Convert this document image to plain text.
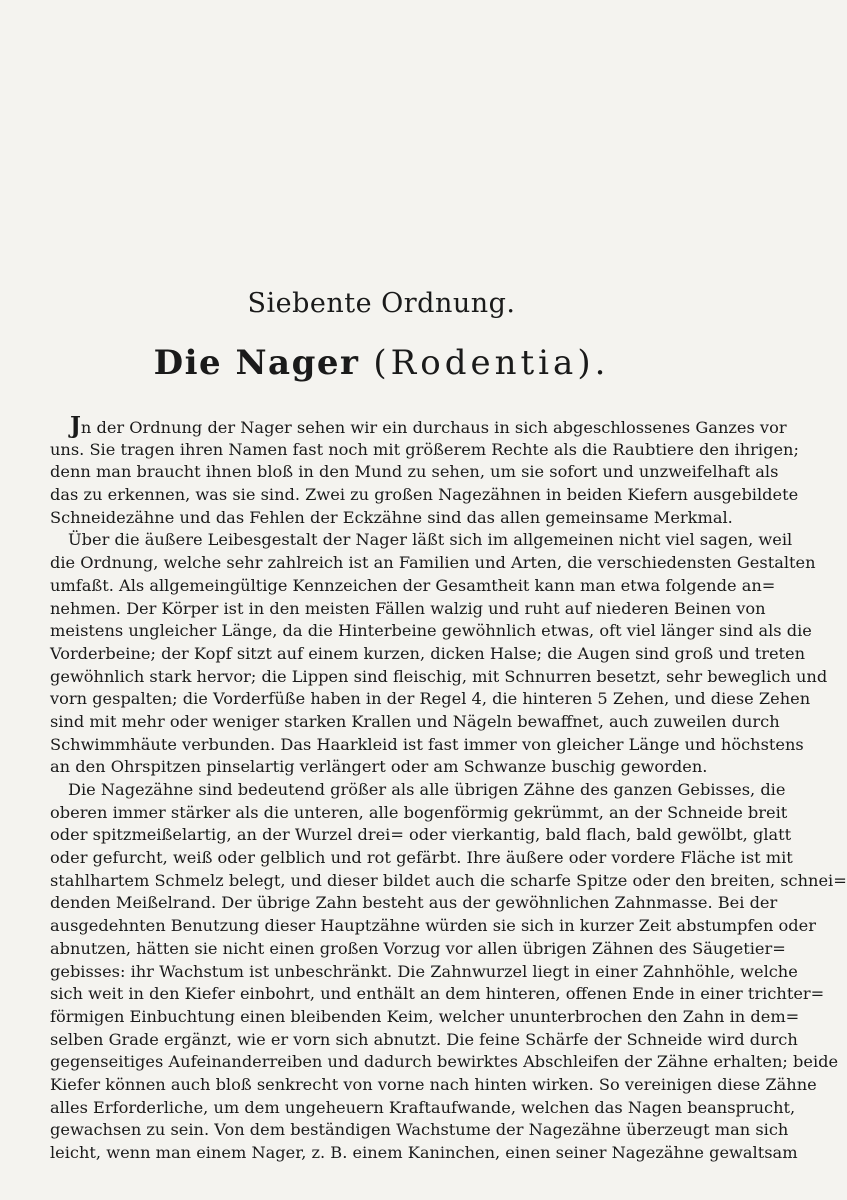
Siebente Ordnung.
Die Nager (Rodentia).
Jn der Ordnung der Nager sehen wir ein durchaus in sich abgeschlossenes Ganzes vor
uns. Sie tragen ihren Namen fast noch mit größerem Rechte als die Raubtiere den ihrigen;
denn man braucht ihnen bloß in den Mund zu sehen, um sie sofort und unzweifelhaft als
das zu erkennen, was sie sind. Zwei zu großen Nagezähnen in beiden Kiefern ausgebildete
Schneidezähne und das Fehlen der Eckzähne sind das allen gemeinsame Merkmal.
Über die äußere Leibesgestalt der Nager läßt sich im allgemeinen nicht viel sagen, weil
die Ordnung, welche sehr zahlreich ist an Familien und Arten, die verschiedensten Gestalten
umfaßt. Als allgemeingültige Kennzeichen der Gesamtheit kann man etwa folgende an=
nehmen. Der Körper ist in den meisten Fällen walzig und ruht auf niederen Beinen von
meistens ungleicher Länge, da die Hinterbeine gewöhnlich etwas, oft viel länger sind als die
Vorderbeine; der Kopf sitzt auf einem kurzen, dicken Halse; die Augen sind groß und treten
gewöhnlich stark hervor; die Lippen sind fleischig, mit Schnurren besetzt, sehr beweglich und
vorn gespalten; die Vorderfüße haben in der Regel 4, die hinteren 5 Zehen, und diese Zehen
sind mit mehr oder weniger starken Krallen und Nägeln bewaffnet, auch zuweilen durch
Schwimmhäute verbunden. Das Haarkleid ist fast immer von gleicher Länge und höchstens
an den Ohrspitzen pinselartig verlängert oder am Schwanze buschig geworden.
Die Nagezähne sind bedeutend größer als alle übrigen Zähne des ganzen Gebisses, die
oberen immer stärker als die unteren, alle bogenförmig gekrümmt, an der Schneide breit
oder spitzmeißelartig, an der Wurzel drei= oder vierkantig, bald flach, bald gewölbt, glatt
oder gefurcht, weiß oder gelblich und rot gefärbt. Ihre äußere oder vordere Fläche ist mit
stahlhartem Schmelz belegt, und dieser bildet auch die scharfe Spitze oder den breiten, schnei=
denden Meißelrand. Der übrige Zahn besteht aus der gewöhnlichen Zahnmasse. Bei der
ausgedehnten Benutzung dieser Hauptzähne würden sie sich in kurzer Zeit abstumpfen oder
abnutzen, hätten sie nicht einen großen Vorzug vor allen übrigen Zähnen des Säugetier=
gebisses: ihr Wachstum ist unbeschränkt. Die Zahnwurzel liegt in einer Zahnhöhle, welche
sich weit in den Kiefer einbohrt, und enthält an dem hinteren, offenen Ende in einer trichter=
förmigen Einbuchtung einen bleibenden Keim, welcher ununterbrochen den Zahn in dem=
selben Grade ergänzt, wie er vorn sich abnutzt. Die feine Schärfe der Schneide wird durch
gegenseitiges Aufeinanderreiben und dadurch bewirktes Abschleifen der Zähne erhalten; beide
Kiefer können auch bloß senkrecht von vorne nach hinten wirken. So vereinigen diese Zähne
alles Erforderliche, um dem ungeheuern Kraftaufwande, welchen das Nagen beansprucht,
gewachsen zu sein. Von dem beständigen Wachstume der Nagezähne überzeugt man sich
leicht, wenn man einem Nager, z. B. einem Kaninchen, einen seiner Nagezähne gewaltsam
